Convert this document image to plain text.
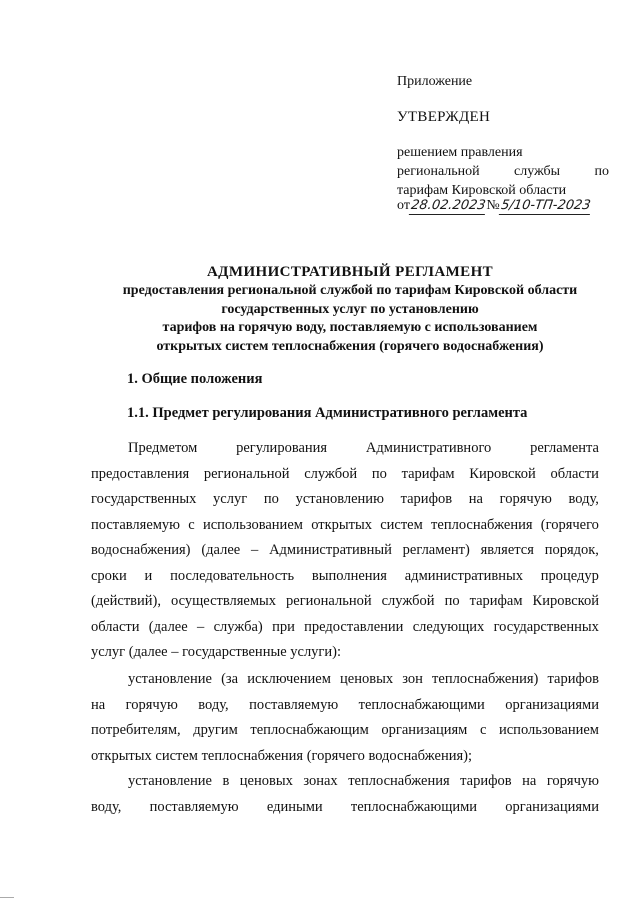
Приложение
УТВЕРЖДЕН
решением правления
региональной службы по
тарифам Кировской области
от 28.02.2023 № 5/10-ТП-2023
АДМИНИСТРАТИВНЫЙ РЕГЛАМЕНТ
предоставления региональной службой по тарифам Кировской области
государственных услуг по установлению
тарифов на горячую воду, поставляемую с использованием
открытых систем теплоснабжения (горячего водоснабжения)
1. Общие положения
1.1. Предмет регулирования Административного регламента
Предметом	регулирования	Административного	регламента
предоставления региональной службой по тарифам Кировской области
государственных услуг по установлению тарифов на горячую воду,
поставляемую с использованием открытых систем теплоснабжения (горячего
водоснабжения) (далее – Административный регламент) является порядок,
сроки и последовательность выполнения административных процедур
(действий), осуществляемых региональной службой по тарифам Кировской
области (далее – служба) при предоставлении следующих государственных
услуг (далее – государственные услуги):
установление (за исключением ценовых зон теплоснабжения) тарифов
на горячую воду, поставляемую теплоснабжающими организациями
потребителям, другим теплоснабжающим организациям с использованием
открытых систем теплоснабжения (горячего водоснабжения);
установление в ценовых зонах теплоснабжения тарифов на горячую
воду, поставляемую едиными теплоснабжающими организациями
